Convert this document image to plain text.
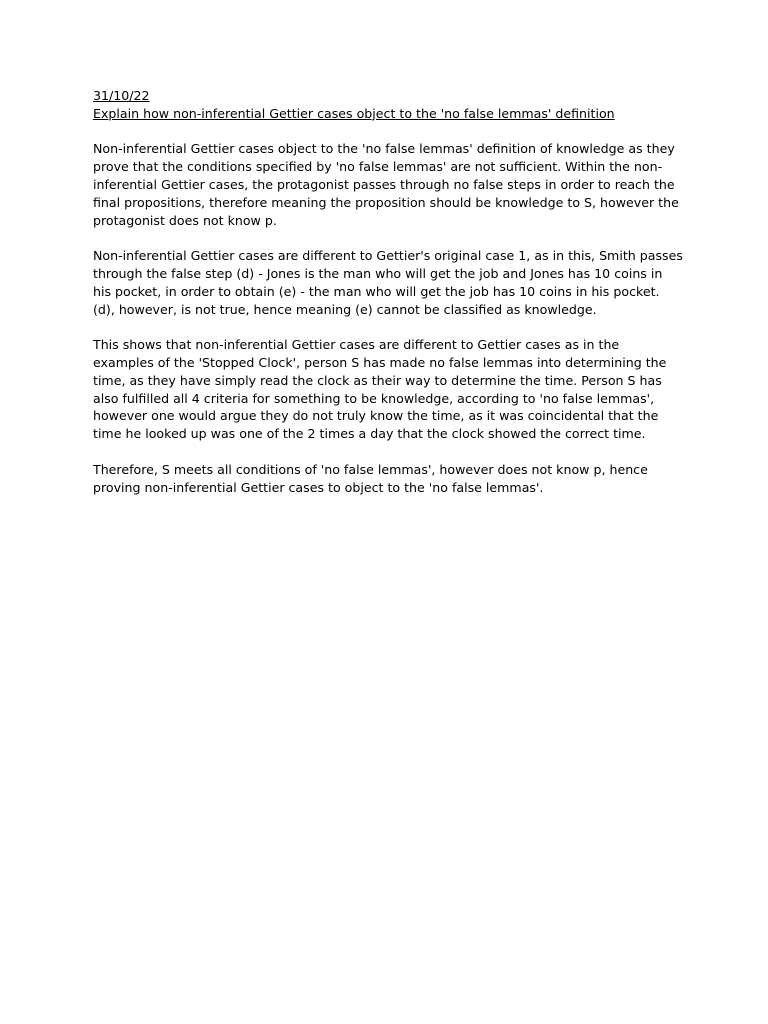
31/10/22

Explain how non-inferential Gettier cases object to the 'no false lemmas' definition

Non-inferential Gettier cases object to the 'no false lemmas' definition of knowledge as they prove that the conditions specified by 'no false lemmas' are not sufficient. Within the non-inferential Gettier cases, the protagonist passes through no false steps in order to reach the final propositions, therefore meaning the proposition should be knowledge to S, however the protagonist does not know p.

Non-inferential Gettier cases are different to Gettier's original case 1, as in this, Smith passes through the false step (d) - Jones is the man who will get the job and Jones has 10 coins in his pocket, in order to obtain (e) - the man who will get the job has 10 coins in his pocket. (d), however, is not true, hence meaning (e) cannot be classified as knowledge.

This shows that non-inferential Gettier cases are different to Gettier cases as in the examples of the 'Stopped Clock', person S has made no false lemmas into determining the time, as they have simply read the clock as their way to determine the time. Person S has also fulfilled all 4 criteria for something to be knowledge, according to 'no false lemmas', however one would argue they do not truly know the time, as it was coincidental that the time he looked up was one of the 2 times a day that the clock showed the correct time.

Therefore, S meets all conditions of 'no false lemmas', however does not know p, hence proving non-inferential Gettier cases to object to the 'no false lemmas'.
